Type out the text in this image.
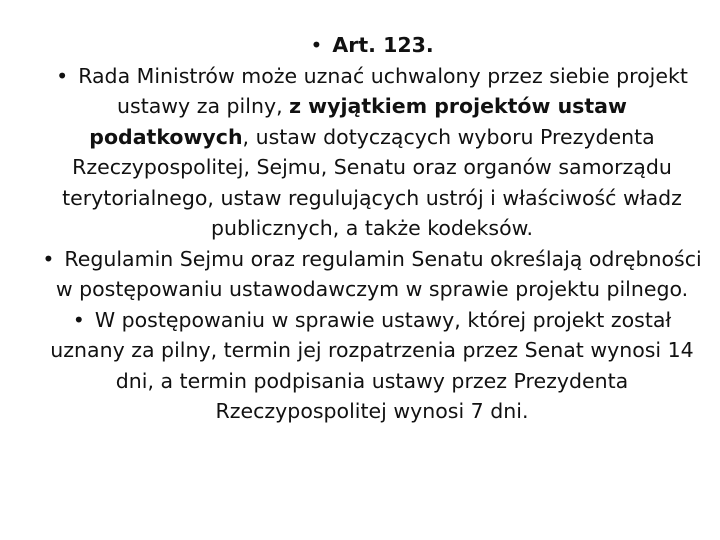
• Art. 123.

• Rada Ministrów może uznać uchwalony przez siebie projekt ustawy za pilny, z wyjątkiem projektów ustaw podatkowych, ustaw dotyczących wyboru Prezydenta Rzeczypospolitej, Sejmu, Senatu oraz organów samorządu terytorialnego, ustaw regulujących ustrój i właściwość władz publicznych, a także kodeksów.

• Regulamin Sejmu oraz regulamin Senatu określają odrębności w postępowaniu ustawodawczym w sprawie projektu pilnego.

• W postępowaniu w sprawie ustawy, której projekt został uznany za pilny, termin jej rozpatrzenia przez Senat wynosi 14 dni, a termin podpisania ustawy przez Prezydenta Rzeczypospolitej wynosi 7 dni.
